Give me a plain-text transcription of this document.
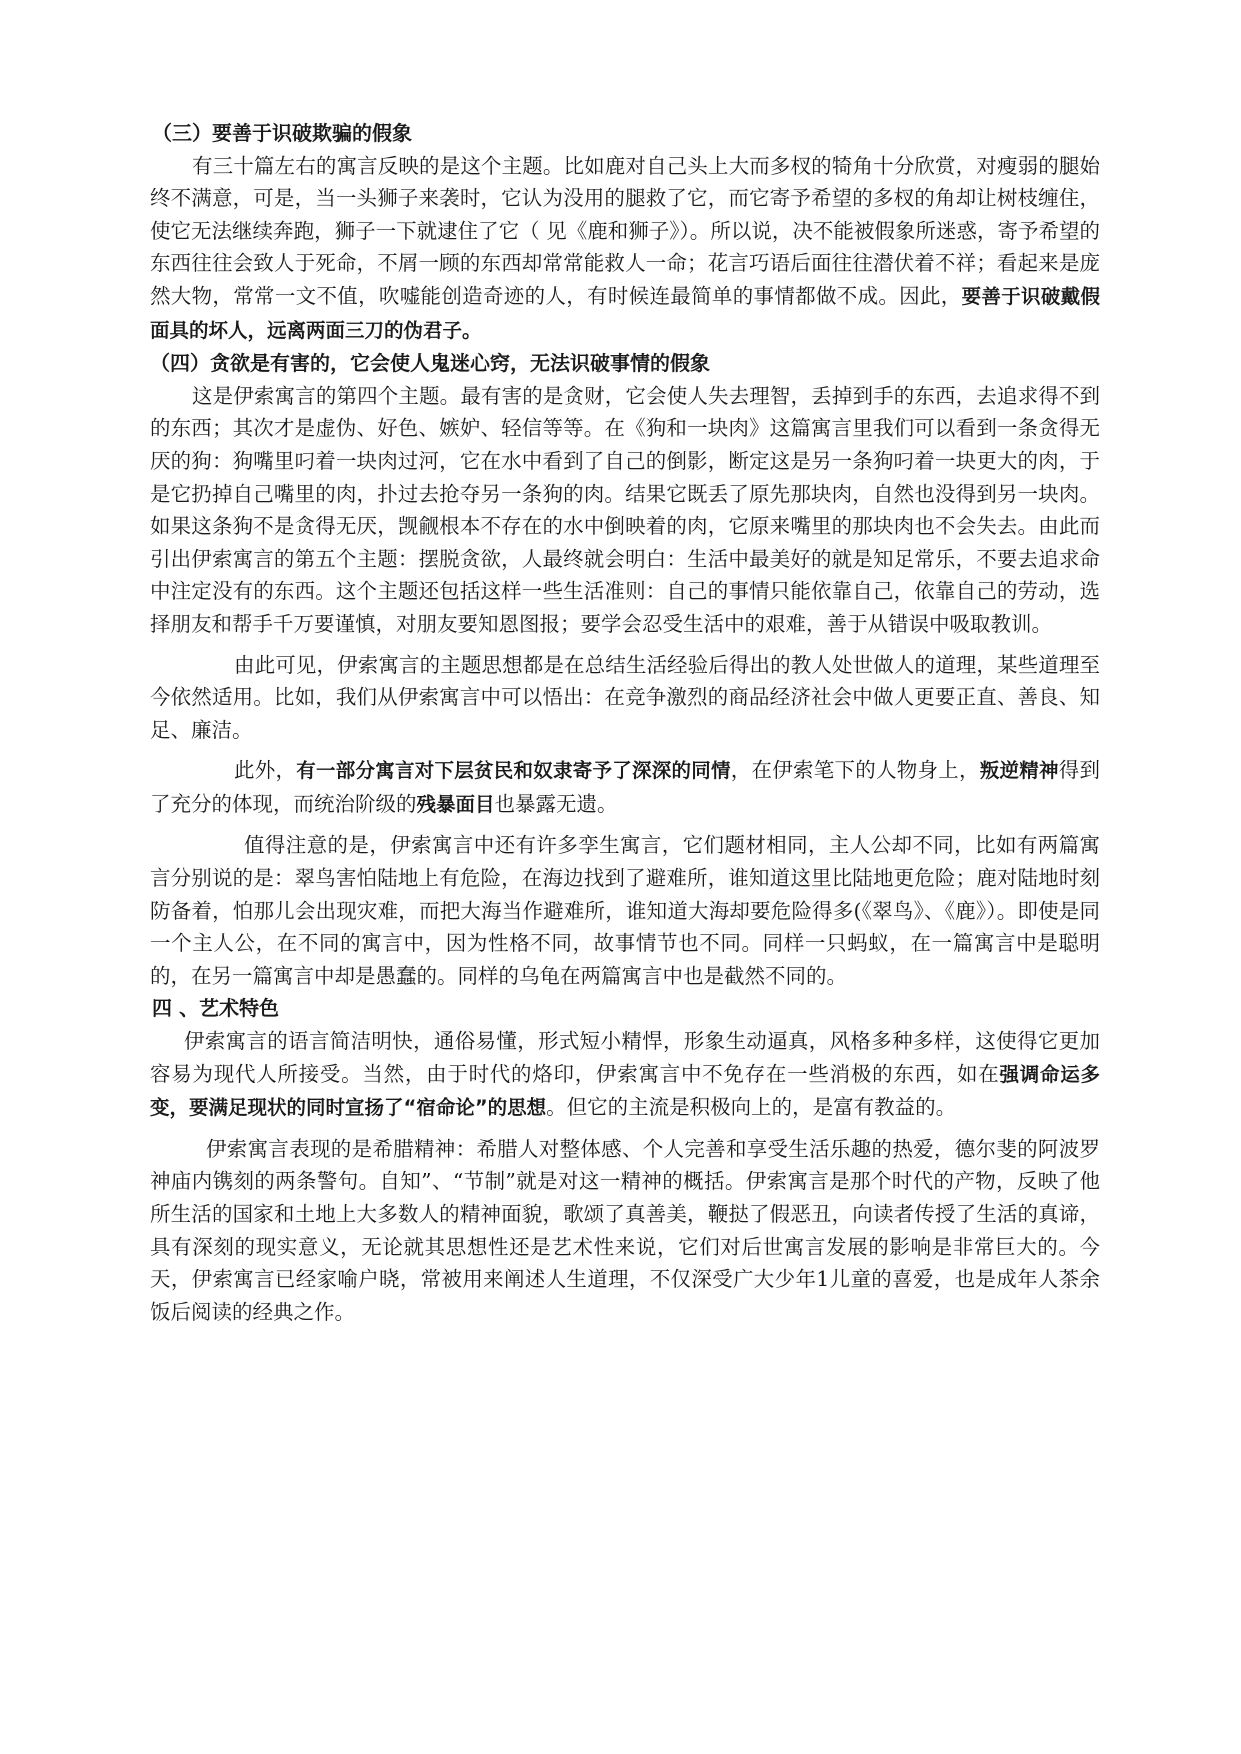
（三）要善于识破欺骗的假象

有三十篇左右的寓言反映的是这个主题。比如鹿对自己头上大而多杈的犄角十分欣赏，对瘦弱的腿始终不满意，可是，当一头狮子来袭时，它认为没用的腿救了它，而它寄予希望的多杈的角却让树枝缠住，使它无法继续奔跑，狮子一下就逮住了它（ 见《鹿和狮子》）。所以说，决不能被假象所迷惑，寄予希望的东西往往会致人于死命，不屑一顾的东西却常常能救人一命；花言巧语后面往往潜伏着不祥；看起来是庞然大物，常常一文不值，吹嘘能创造奇迹的人，有时候连最简单的事情都做不成。因此，要善于识破戴假面具的坏人，远离两面三刀的伪君子。

（四）贪欲是有害的，它会使人鬼迷心窍，无法识破事情的假象

这是伊索寓言的第四个主题。最有害的是贪财，它会使人失去理智，丢掉到手的东西，去追求得不到的东西；其次才是虚伪、好色、嫉妒、轻信等等。在《狗和一块肉》这篇寓言里我们可以看到一条贪得无厌的狗：狗嘴里叼着一块肉过河，它在水中看到了自己的倒影，断定这是另一条狗叼着一块更大的肉，于是它扔掉自己嘴里的肉，扑过去抢夺另一条狗的肉。结果它既丢了原先那块肉，自然也没得到另一块肉。如果这条狗不是贪得无厌，觊觎根本不存在的水中倒映着的肉，它原来嘴里的那块肉也不会失去。由此而引出伊索寓言的第五个主题：摆脱贪欲，人最终就会明白：生活中最美好的就是知足常乐，不要去追求命中注定没有的东西。这个主题还包括这样一些生活准则：自己的事情只能依靠自己，依靠自己的劳动，选择朋友和帮手千万要谨慎，对朋友要知恩图报；要学会忍受生活中的艰难，善于从错误中吸取教训。

由此可见，伊索寓言的主题思想都是在总结生活经验后得出的教人处世做人的道理，某些道理至今依然适用。比如，我们从伊索寓言中可以悟出：在竞争激烈的商品经济社会中做人更要正直、善良、知足、廉洁。

此外，有一部分寓言对下层贫民和奴隶寄予了深深的同情，在伊索笔下的人物身上，叛逆精神得到了充分的体现，而统治阶级的残暴面目也暴露无遗。

值得注意的是，伊索寓言中还有许多孪生寓言，它们题材相同，主人公却不同，比如有两篇寓言分别说的是：翠鸟害怕陆地上有危险，在海边找到了避难所，谁知道这里比陆地更危险；鹿对陆地时刻防备着，怕那儿会出现灾难，而把大海当作避难所，谁知道大海却要危险得多(《翠鸟》、《鹿》）。即使是同一个主人公，在不同的寓言中，因为性格不同，故事情节也不同。同样一只蚂蚁，在一篇寓言中是聪明的，在另一篇寓言中却是愚蠢的。同样的乌龟在两篇寓言中也是截然不同的。

四 、艺术特色

伊索寓言的语言简洁明快，通俗易懂，形式短小精悍，形象生动逼真，风格多种多样，这使得它更加容易为现代人所接受。当然，由于时代的烙印，伊索寓言中不免存在一些消极的东西，如在强调命运多变，要满足现状的同时宣扬了“宿命论”的思想。但它的主流是积极向上的，是富有教益的。

伊索寓言表现的是希腊精神：希腊人对整体感、个人完善和享受生活乐趣的热爱，德尔斐的阿波罗神庙内镌刻的两条警句。自知”、“节制”就是对这一精神的概括。伊索寓言是那个时代的产物，反映了他所生活的国家和土地上大多数人的精神面貌，歌颂了真善美，鞭挞了假恶丑，向读者传授了生活的真谛，具有深刻的现实意义，无论就其思想性还是艺术性来说，它们对后世寓言发展的影响是非常巨大的。今天，伊索寓言已经家喻户晓，常被用来阐述人生道理，不仅深受广大少年1儿童的喜爱，也是成年人茶余饭后阅读的经典之作。
